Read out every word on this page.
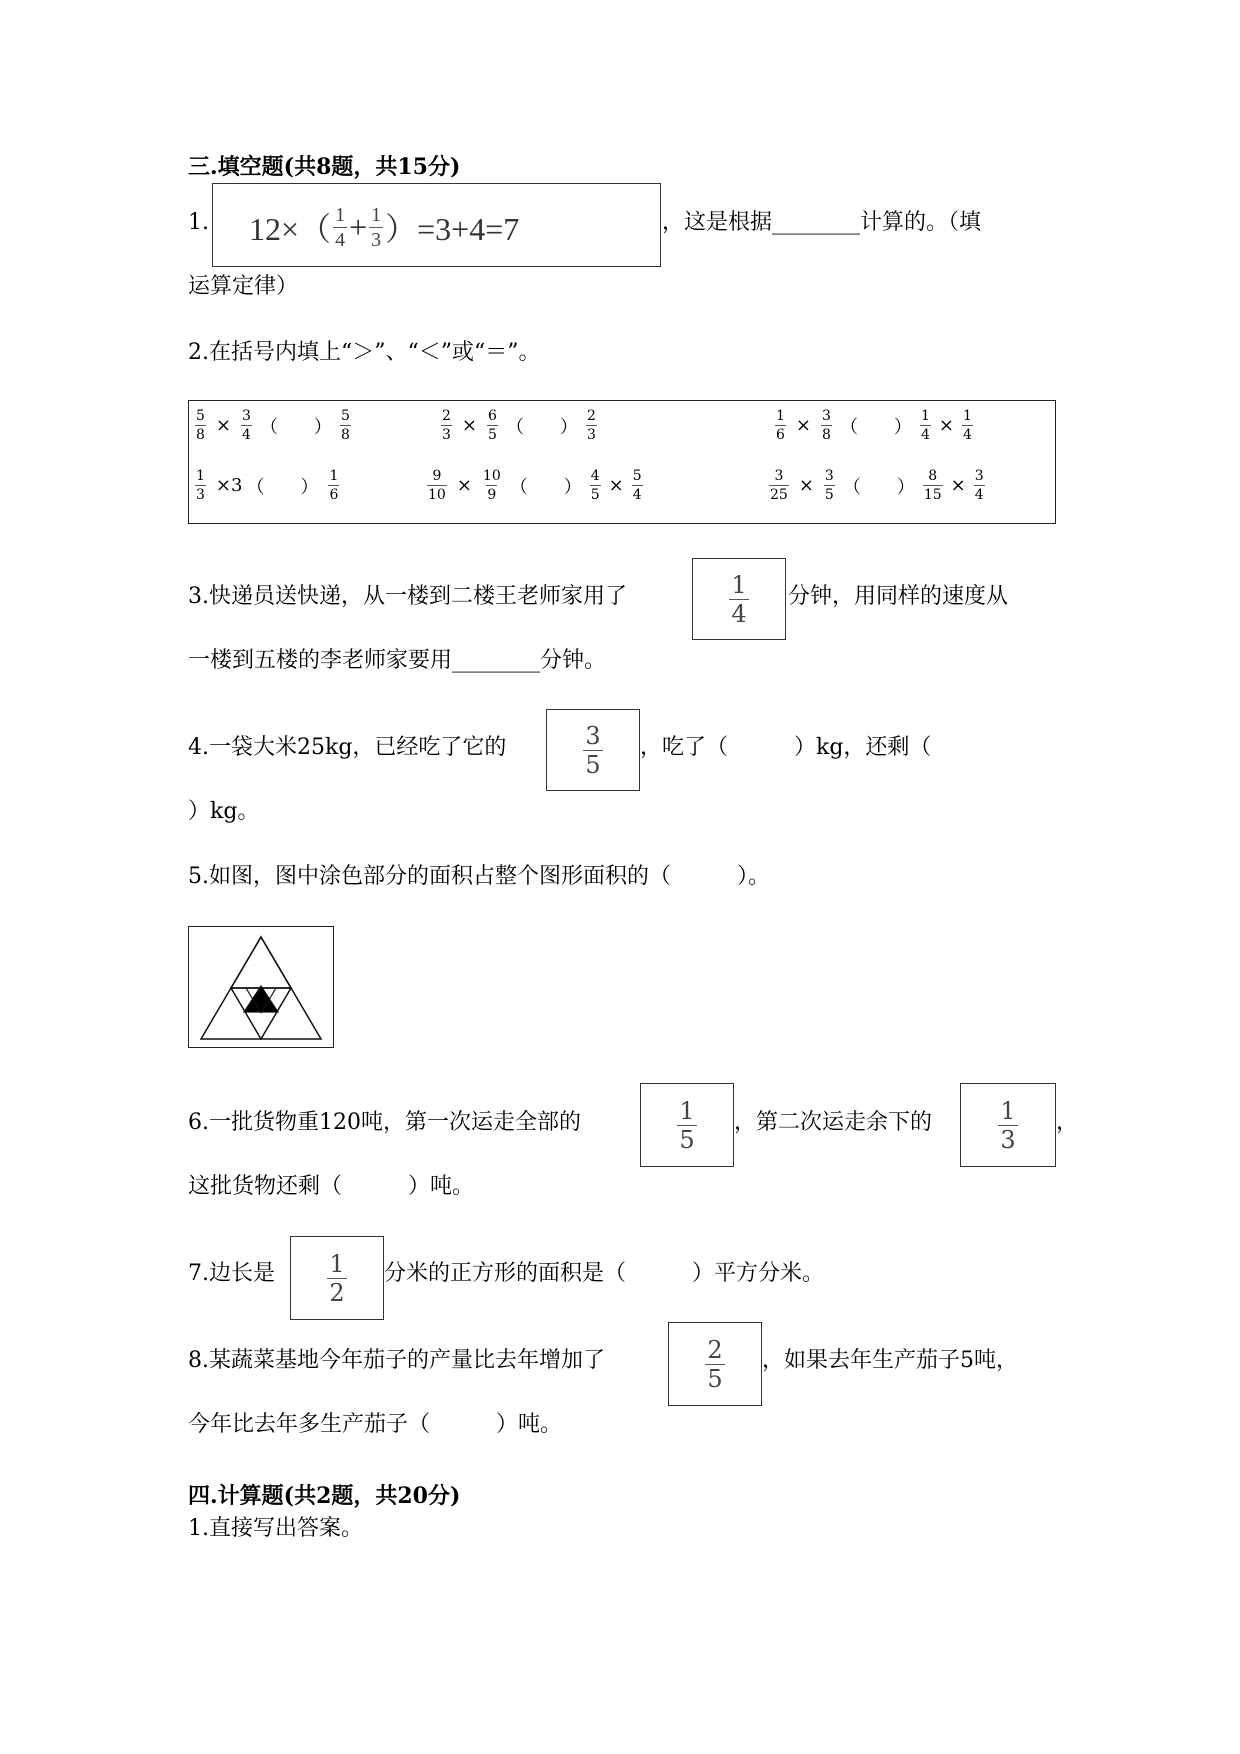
三.填空题(共8题，共15分)
1. $12\times( \frac{1}{4} + \frac{1}{3} )=3+4=7$	，这是根据________计算的。（填
运算定律）
2.在括号内填上“＞”、“＜”或“＝”。
$\frac{5}{8} \times \frac{3}{4}$ （　　） $\frac{5}{8}$	$\frac{2}{3} \times \frac{6}{5}$ （　　） $\frac{2}{3}$	$\frac{1}{6} \times \frac{3}{8}$ （　　） $\frac{1}{4} \times \frac{1}{4}$
$\frac{1}{3} \times 3$ （　　） $\frac{1}{6}$	$\frac{9}{10} \times \frac{10}{9}$ （　　） $\frac{4}{5} \times \frac{5}{4}$	$\frac{3}{25} \times \frac{3}{5}$ （　　） $\frac{8}{15} \times \frac{3}{4}$
3.快递员送快递，从一楼到二楼王老师家用了	$\frac{1}{4}$ 分钟，用同样的速度从
一楼到五楼的李老师家要用________分钟。
4.一袋大米25kg，已经吃了它的	$\frac{3}{5}$ ，吃了（　　　）kg，还剩（
）kg。
5.如图，图中涂色部分的面积占整个图形面积的（　　　）。
6.一批货物重120吨，第一次运走全部的	$\frac{1}{5}$ ，第二次运走余下的	$\frac{1}{3}$ ，
这批货物还剩（　　　）吨。
7.边长是 $\frac{1}{2}$ 分米的正方形的面积是（　　　）平方分米。
8.某蔬菜基地今年茄子的产量比去年增加了	$\frac{2}{5}$ ，如果去年生产茄子5吨，
今年比去年多生产茄子（　　　）吨。
四.计算题(共2题，共20分)
1.直接写出答案。
